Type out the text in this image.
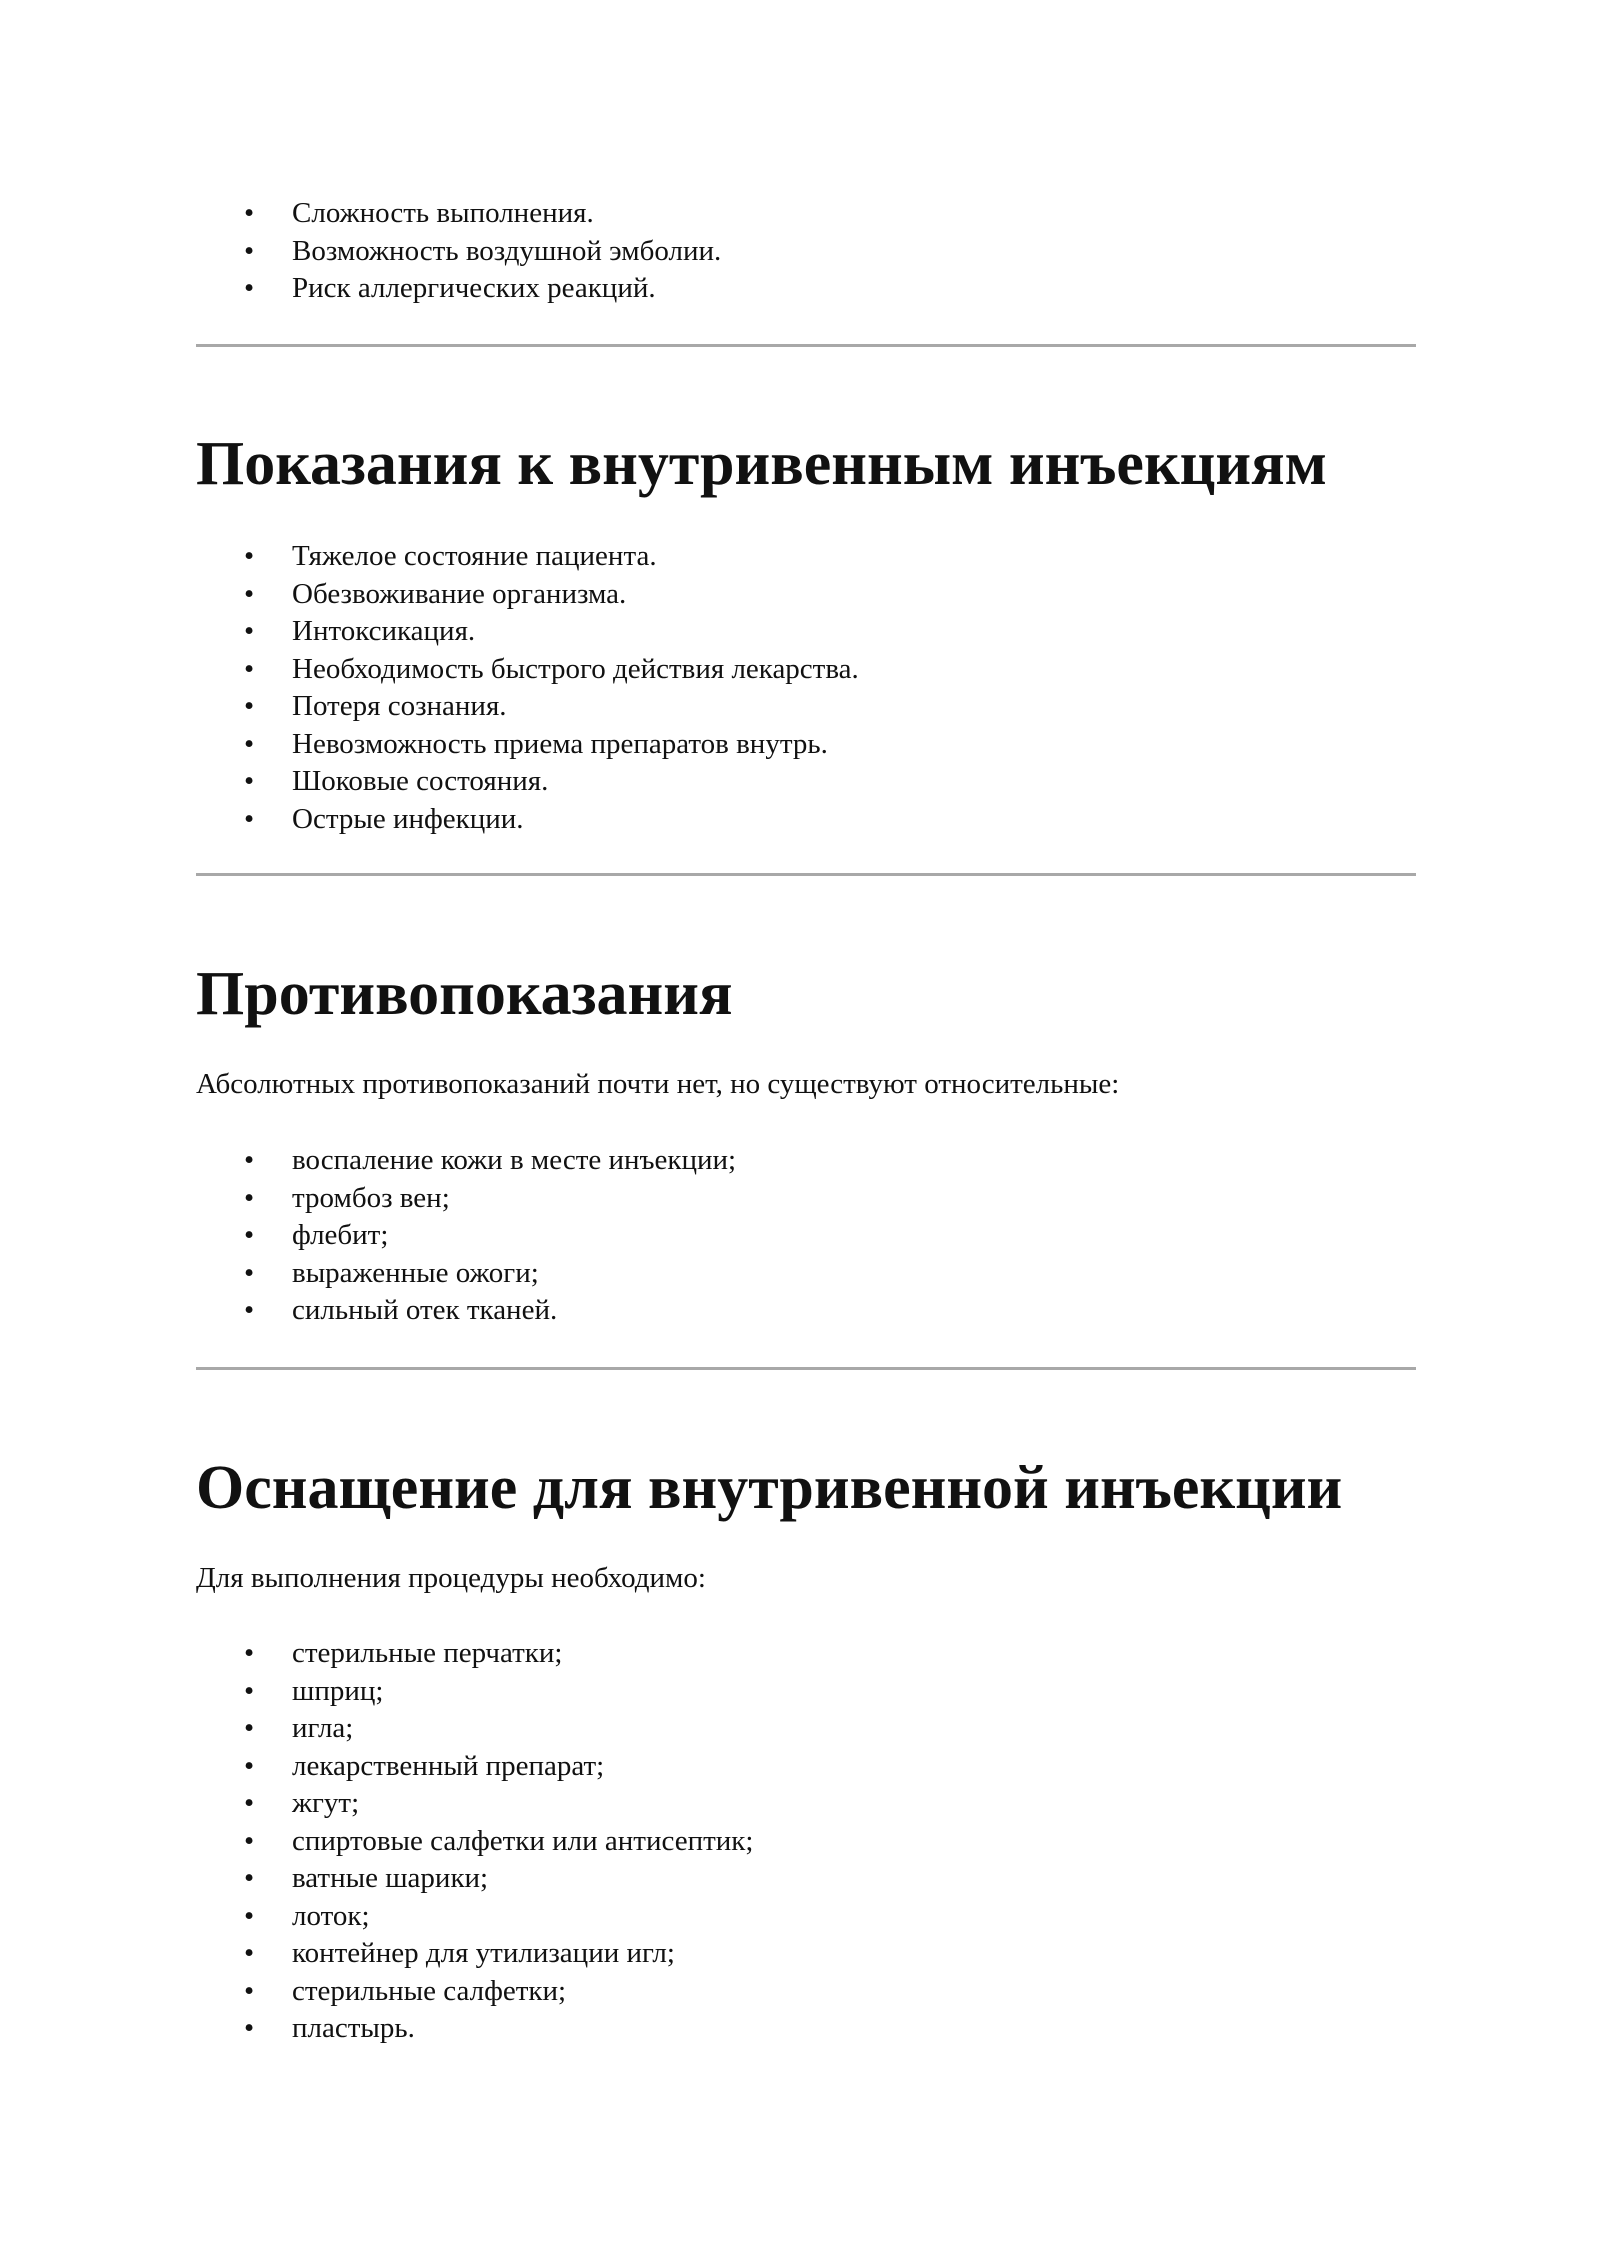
• Сложность выполнения.
• Возможность воздушной эмболии.
• Риск аллергических реакций.
Показания к внутривенным инъекциям
• Тяжелое состояние пациента.
• Обезвоживание организма.
• Интоксикация.
• Необходимость быстрого действия лекарства.
• Потеря сознания.
• Невозможность приема препаратов внутрь.
• Шоковые состояния.
• Острые инфекции.
Противопоказания

Абсолютных противопоказаний почти нет, но существуют относительные:

• воспаление кожи в месте инъекции;
• тромбоз вен;
• флебит;
• выраженные ожоги;
• сильный отек тканей.
Оснащение для внутривенной инъекции

Для выполнения процедуры необходимо:

• стерильные перчатки;
• шприц;
• игла;
• лекарственный препарат;
• жгут;
• спиртовые салфетки или антисептик;
• ватные шарики;
• лоток;
• контейнер для утилизации игл;
• стерильные салфетки;
• пластырь.
